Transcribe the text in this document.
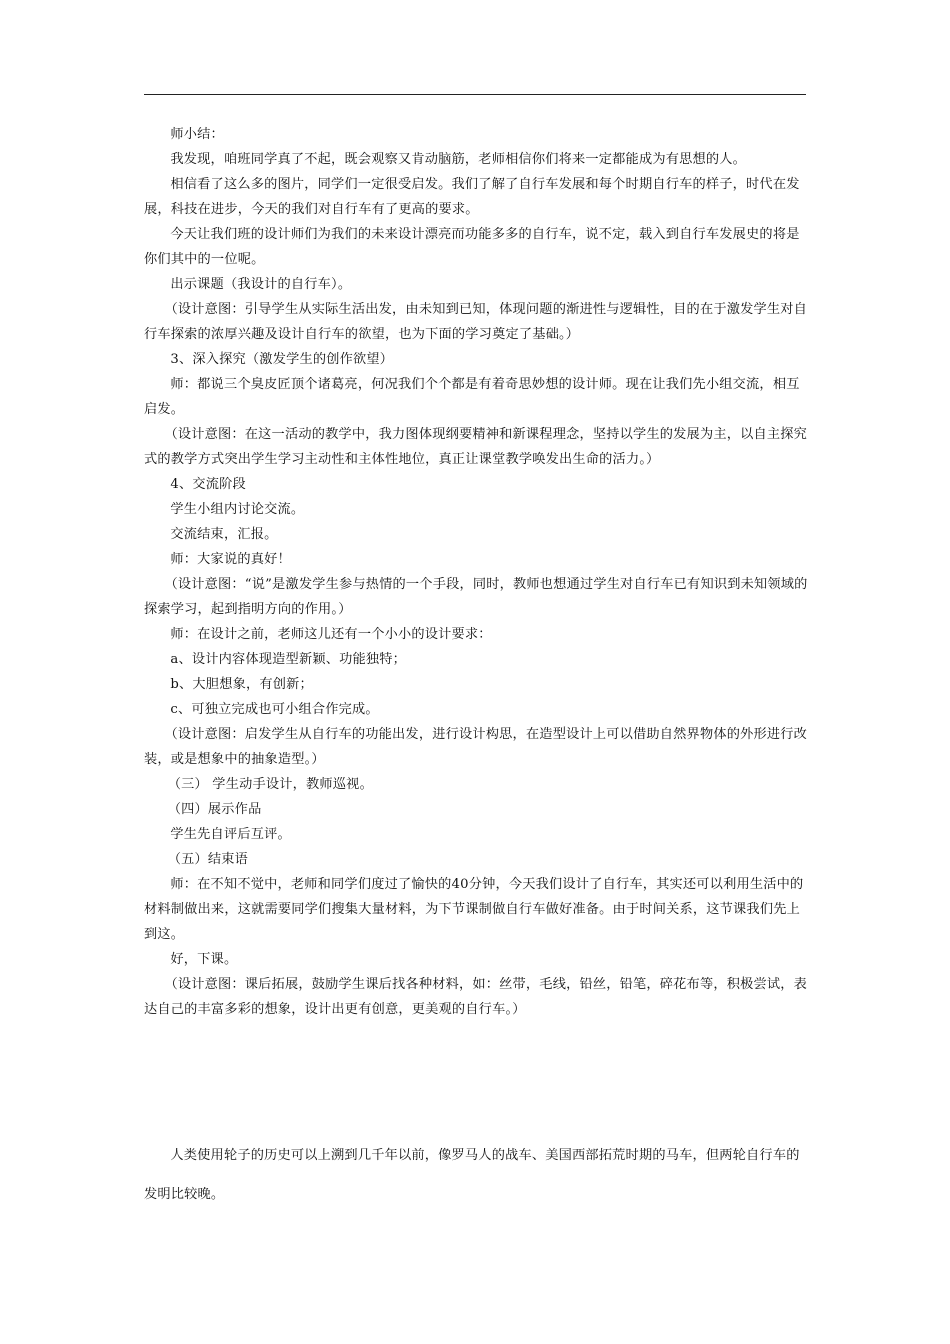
师小结：

我发现，咱班同学真了不起，既会观察又肯动脑筋，老师相信你们将来一定都能成为有思想的人。

相信看了这么多的图片，同学们一定很受启发。我们了解了自行车发展和每个时期自行车的样子，时代在发展，科技在进步，今天的我们对自行车有了更高的要求。

今天让我们班的设计师们为我们的未来设计漂亮而功能多多的自行车，说不定，载入到自行车发展史的将是你们其中的一位呢。

出示课题（我设计的自行车）。

（设计意图：引导学生从实际生活出发，由未知到已知，体现问题的渐进性与逻辑性，目的在于激发学生对自行车探索的浓厚兴趣及设计自行车的欲望，也为下面的学习奠定了基础。）

3、深入探究（激发学生的创作欲望）

师：都说三个臭皮匠顶个诸葛亮，何况我们个个都是有着奇思妙想的设计师。现在让我们先小组交流，相互启发。

（设计意图：在这一活动的教学中，我力图体现纲要精神和新课程理念，坚持以学生的发展为主，以自主探究式的教学方式突出学生学习主动性和主体性地位，真正让课堂教学唤发出生命的活力。）

4、交流阶段

学生小组内讨论交流。

交流结束，汇报。

师：大家说的真好！

（设计意图：“说”是激发学生参与热情的一个手段，同时，教师也想通过学生对自行车已有知识到未知领域的探索学习，起到指明方向的作用。）

师：在设计之前，老师这儿还有一个小小的设计要求：

a、设计内容体现造型新颖、功能独特；

b、大胆想象，有创新；

c、可独立完成也可小组合作完成。

（设计意图：启发学生从自行车的功能出发，进行设计构思，在造型设计上可以借助自然界物体的外形进行改装，或是想象中的抽象造型。）

（三） 学生动手设计，教师巡视。

（四）展示作品

学生先自评后互评。

（五）结束语

师：在不知不觉中，老师和同学们度过了愉快的40分钟，今天我们设计了自行车，其实还可以利用生活中的材料制做出来，这就需要同学们搜集大量材料，为下节课制做自行车做好准备。由于时间关系，这节课我们先上到这。

好，下课。

（设计意图：课后拓展，鼓励学生课后找各种材料，如：丝带，毛线，铅丝，铅笔，碎花布等，积极尝试，表达自己的丰富多彩的想象，设计出更有创意，更美观的自行车。）

人类使用轮子的历史可以上溯到几千年以前，像罗马人的战车、美国西部拓荒时期的马车，但两轮自行车的发明比较晚。
